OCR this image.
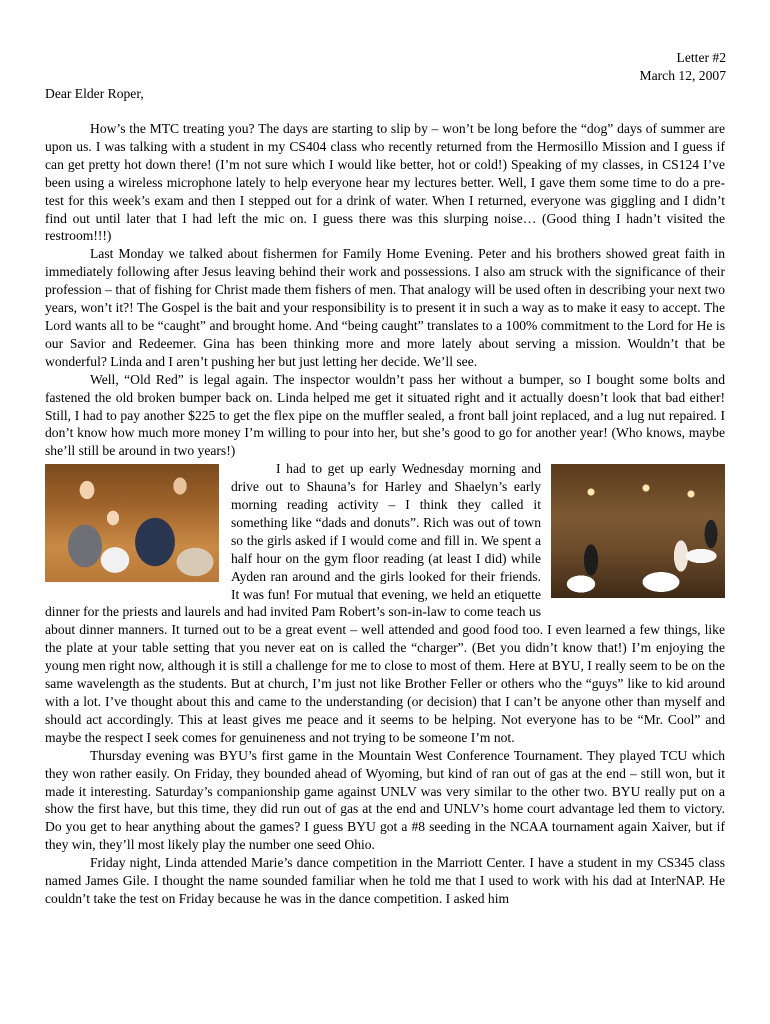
Letter #2
March 12, 2007
Dear Elder Roper,

How’s the MTC treating you? The days are starting to slip by – won’t be long before the “dog” days of summer are upon us. I was talking with a student in my CS404 class who recently returned from the Hermosillo Mission and I guess if can get pretty hot down there! (I’m not sure which I would like better, hot or cold!) Speaking of my classes, in CS124 I’ve been using a wireless microphone lately to help everyone hear my lectures better. Well, I gave them some time to do a pre-test for this week’s exam and then I stepped out for a drink of water. When I returned, everyone was giggling and I didn’t find out until later that I had left the mic on. I guess there was this slurping noise… (Good thing I hadn’t visited the restroom!!!)

Last Monday we talked about fishermen for Family Home Evening. Peter and his brothers showed great faith in immediately following after Jesus leaving behind their work and possessions. I also am struck with the significance of their profession – that of fishing for Christ made them fishers of men. That analogy will be used often in describing your next two years, won’t it?! The Gospel is the bait and your responsibility is to present it in such a way as to make it easy to accept. The Lord wants all to be “caught” and brought home. And “being caught” translates to a 100% commitment to the Lord for He is our Savior and Redeemer. Gina has been thinking more and more lately about serving a mission. Wouldn’t that be wonderful? Linda and I aren’t pushing her but just letting her decide. We’ll see.

Well, “Old Red” is legal again. The inspector wouldn’t pass her without a bumper, so I bought some bolts and fastened the old broken bumper back on. Linda helped me get it situated right and it actually doesn’t look that bad either! Still, I had to pay another $225 to get the flex pipe on the muffler sealed, a front ball joint replaced, and a lug nut repaired. I don’t know how much more money I’m willing to pour into her, but she’s good to go for another year! (Who knows, maybe she’ll still be around in two years!)

I had to get up early Wednesday morning and drive out to Shauna’s for Harley and Shaelyn’s early morning reading activity – I think they called it something like “dads and donuts”. Rich was out of town so the girls asked if I would come and fill in. We spent a half hour on the gym floor reading (at least I did) while Ayden ran around and the girls looked for their friends. It was fun! For mutual that evening, we held an etiquette dinner for the priests and laurels and had invited Pam Robert’s son-in-law to come teach us about dinner manners. It turned out to be a great event – well attended and good food too. I even learned a few things, like the plate at your table setting that you never eat on is called the “charger”. (Bet you didn’t know that!) I’m enjoying the young men right now, although it is still a challenge for me to close to most of them. Here at BYU, I really seem to be on the same wavelength as the students. But at church, I’m just not like Brother Feller or others who the “guys” like to kid around with a lot. I’ve thought about this and came to the understanding (or decision) that I can’t be anyone other than myself and should act accordingly. This at least gives me peace and it seems to be helping. Not everyone has to be “Mr. Cool” and maybe the respect I seek comes for genuineness and not trying to be someone I’m not.

Thursday evening was BYU’s first game in the Mountain West Conference Tournament. They played TCU which they won rather easily. On Friday, they bounded ahead of Wyoming, but kind of ran out of gas at the end – still won, but it made it interesting. Saturday’s companionship game against UNLV was very similar to the other two. BYU really put on a show the first have, but this time, they did run out of gas at the end and UNLV’s home court advantage led them to victory. Do you get to hear anything about the games? I guess BYU got a #8 seeding in the NCAA tournament again Xaiver, but if they win, they’ll most likely play the number one seed Ohio.

Friday night, Linda attended Marie’s dance competition in the Marriott Center. I have a student in my CS345 class named James Gile. I thought the name sounded familiar when he told me that I used to work with his dad at InterNAP. He couldn’t take the test on Friday because he was in the dance competition. I asked him
